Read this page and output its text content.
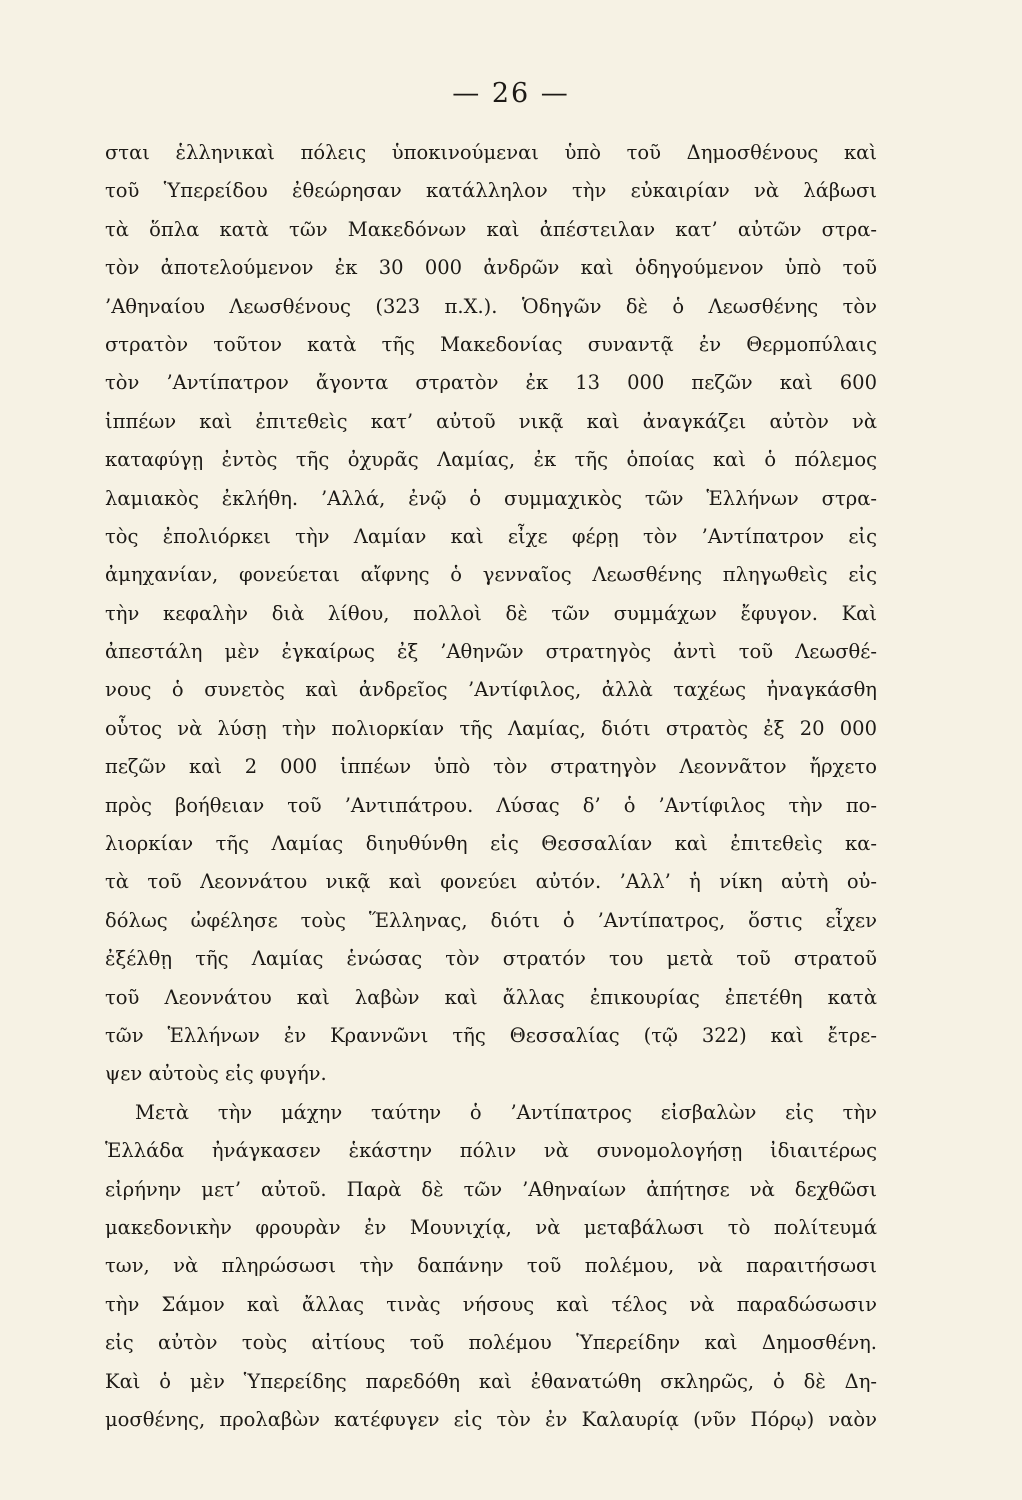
— 26 —
σται ἑλληνικαὶ πόλεις ὑποκινούμεναι ὑπὸ τοῦ Δημοσθένους καὶ
τοῦ Ὑπερείδου ἐθεώρησαν κατάλληλον τὴν εὐκαιρίαν νὰ λάβωσι
τὰ ὅπλα κατὰ τῶν Μακεδόνων καὶ ἀπέστειλαν κατ’ αὐτῶν στρα-
τὸν ἀποτελούμενον ἐκ 30 000 ἀνδρῶν καὶ ὁδηγούμενον ὑπὸ τοῦ
’Αθηναίου Λεωσθένους (323 π.Χ.). Ὁδηγῶν δὲ ὁ Λεωσθένης τὸν
στρατὸν τοῦτον κατὰ τῆς Μακεδονίας συναντᾷ ἐν Θερμοπύλαις
τὸν ’Αντίπατρον ἄγοντα στρατὸν ἐκ 13 000 πεζῶν καὶ 600
ἱππέων καὶ ἐπιτεθεὶς κατ’ αὐτοῦ νικᾷ καὶ ἀναγκάζει αὐτὸν νὰ
καταφύγῃ ἐντὸς τῆς ὀχυρᾶς Λαμίας, ἐκ τῆς ὁποίας καὶ ὁ πόλεμος
λαμιακὸς ἐκλήθη. ’Αλλά, ἐνῷ ὁ συμμαχικὸς τῶν Ἑλλήνων στρα-
τὸς ἐπολιόρκει τὴν Λαμίαν καὶ εἶχε φέρῃ τὸν ’Αντίπατρον εἰς
ἀμηχανίαν, φονεύεται αἴφνης ὁ γενναῖος Λεωσθένης πληγωθεὶς εἰς
τὴν κεφαλὴν διὰ λίθου, πολλοὶ δὲ τῶν συμμάχων ἔφυγον. Καὶ
ἀπεστάλη μὲν ἐγκαίρως ἐξ ’Αθηνῶν στρατηγὸς ἀντὶ τοῦ Λεωσθέ-
νους ὁ συνετὸς καὶ ἀνδρεῖος ’Αντίφιλος, ἀλλὰ ταχέως ἠναγκάσθη
οὗτος νὰ λύσῃ τὴν πολιορκίαν τῆς Λαμίας, διότι στρατὸς ἐξ 20 000
πεζῶν καὶ 2 000 ἱππέων ὑπὸ τὸν στρατηγὸν Λεοννᾶτον ἤρχετο
πρὸς βοήθειαν τοῦ ’Αντιπάτρου. Λύσας δ’ ὁ ’Αντίφιλος τὴν πο-
λιορκίαν τῆς Λαμίας διηυθύνθη εἰς Θεσσαλίαν καὶ ἐπιτεθεὶς κα-
τὰ τοῦ Λεοννάτου νικᾷ καὶ φονεύει αὐτόν. ’Αλλ’ ἡ νίκη αὐτὴ οὐ-
δόλως ὠφέλησε τοὺς Ἕλληνας, διότι ὁ ’Αντίπατρος, ὅστις εἶχεν
ἐξέλθῃ τῆς Λαμίας ἑνώσας τὸν στρατόν του μετὰ τοῦ στρατοῦ
τοῦ Λεοννάτου καὶ λαβὼν καὶ ἄλλας ἐπικουρίας ἐπετέθη κατὰ
τῶν Ἑλλήνων ἐν Κραννῶνι τῆς Θεσσαλίας (τῷ 322) καὶ ἔτρε-
ψεν αὐτοὺς εἰς φυγήν.
Μετὰ τὴν μάχην ταύτην ὁ ’Αντίπατρος εἰσβαλὼν εἰς τὴν
Ἑλλάδα ἠνάγκασεν ἑκάστην πόλιν νὰ συνομολογήσῃ ἰδιαιτέρως
εἰρήνην μετ’ αὐτοῦ. Παρὰ δὲ τῶν ’Αθηναίων ἀπήτησε νὰ δεχθῶσι
μακεδονικὴν φρουρὰν ἐν Μουνιχίᾳ, νὰ μεταβάλωσι τὸ πολίτευμά
των, νὰ πληρώσωσι τὴν δαπάνην τοῦ πολέμου, νὰ παραιτήσωσι
τὴν Σάμον καὶ ἄλλας τινὰς νήσους καὶ τέλος νὰ παραδώσωσιν
εἰς αὐτὸν τοὺς αἰτίους τοῦ πολέμου Ὑπερείδην καὶ Δημοσθένη.
Καὶ ὁ μὲν Ὑπερείδης παρεδόθη καὶ ἐθανατώθη σκληρῶς, ὁ δὲ Δη-
μοσθένης, προλαβὼν κατέφυγεν εἰς τὸν ἐν Καλαυρίᾳ (νῦν Πόρῳ) ναὸν
